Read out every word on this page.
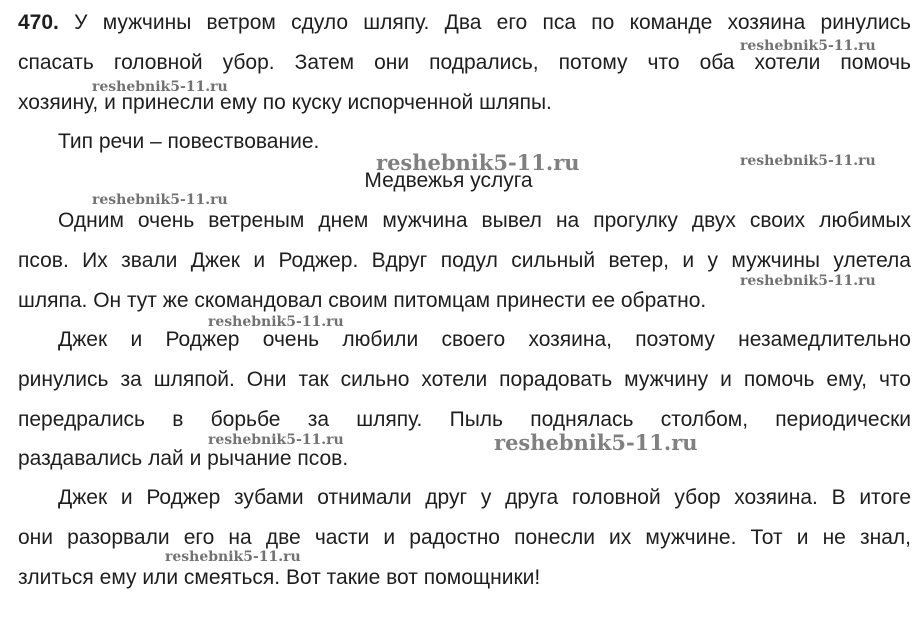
470. У мужчины ветром сдуло шляпу. Два его пса по команде хозяина ринулись
спасать головной убор. Затем они подрались, потому что оба хотели помочь
хозяину, и принесли ему по куску испорченной шляпы.
Тип речи – повествование.
Медвежья услуга
Одним очень ветреным днем мужчина вывел на прогулку двух своих любимых
псов. Их звали Джек и Роджер. Вдруг подул сильный ветер, и у мужчины улетела
шляпа. Он тут же скомандовал своим питомцам принести ее обратно.
Джек и Роджер очень любили своего хозяина, поэтому незамедлительно
ринулись за шляпой. Они так сильно хотели порадовать мужчину и помочь ему, что
передрались в борьбе за шляпу. Пыль поднялась столбом, периодически
раздавались лай и рычание псов.
Джек и Роджер зубами отнимали друг у друга головной убор хозяина. В итоге
они разорвали его на две части и радостно понесли их мужчине. Тот и не знал,
злиться ему или смеяться. Вот такие вот помощники!
reshebnik5-11.ru
reshebnik5-11.ru
reshebnik5-11.ru	reshebnik5-11.ru
reshebnik5-11.ru
reshebnik5-11.ru
reshebnik5-11.ru
reshebnik5-11.ru	reshebnik5-11.ru
reshebnik5-11.ru
